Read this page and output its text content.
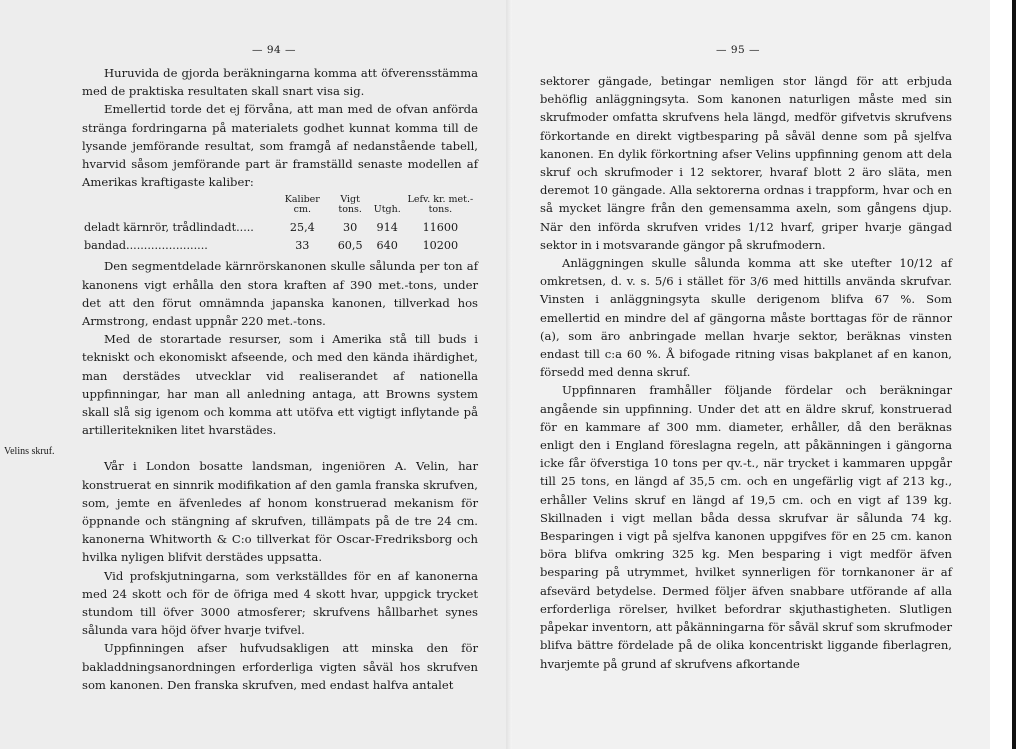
— 94 —

Huruvida de gjorda beräkningarna komma att öfverensstämma med de praktiska resultaten skall snart visa sig.

Emellertid torde det ej förvåna, att man med de ofvan anförda stränga fordringarna på materialets godhet kunnat komma till de lysande jemförande resultat, som framgå af nedanstående tabell, hvarvid såsom jemförande part är framställd senaste modellen af Amerikas kraftigaste kaliber:

	Kaliber cm.	Vigt tons.	Utgh.	Lefv. kr. met.-tons.
deladt kärnrör, trådlindadt.....	25,4	30	914	11600
bandad.......................	33	60,5	640	10200

Den segmentdelade kärnrörskanonen skulle sålunda per ton af kanonens vigt erhålla den stora kraften af 390 met.-tons, under det att den förut omnämnda japanska kanonen, tillverkad hos Armstrong, endast uppnår 220 met.-tons.

Med de storartade resurser, som i Amerika stå till buds i tekniskt och ekonomiskt afseende, och med den kända ihärdighet, man derstädes utvecklar vid realiserandet af nationella uppfinningar, har man all anledning antaga, att Browns system skall slå sig igenom och komma att utöfva ett vigtigt inflytande på artilleritekniken litet hvarstädes.

Vår i London bosatte landsman, ingeniören A. Velin, har konstruerat en sinnrik modifikation af den gamla franska skrufven, som, jemte en äfvenledes af honom konstruerad mekanism för öppnande och stängning af skrufven, tillämpats på de tre 24 cm. kanonerna Whitworth & C:o tillverkat för Oscar-Fredriksborg och hvilka nyligen blifvit derstädes uppsatta.

Vid profskjutningarna, som verkställdes för en af kanonerna med 24 skott och för de öfriga med 4 skott hvar, uppgick trycket stundom till öfver 3000 atmosferer; skrufvens hållbarhet synes sålunda vara höjd öfver hvarje tvifvel.

Uppfinningen afser hufvudsakligen att minska den för bakladdningsanordningen erforderliga vigten såväl hos skrufven som kanonen. Den franska skrufven, med endast halfva antalet

Velins skruf.
— 95 —

sektorer gängade, betingar nemligen stor längd för att erbjuda behöflig anläggningsyta. Som kanonen naturligen måste med sin skrufmoder omfatta skrufvens hela längd, medför gifvetvis skrufvens förkortande en direkt vigtbesparing på såväl denne som på sjelfva kanonen. En dylik förkortning afser Velins uppfinning genom att dela skruf och skrufmoder i 12 sektorer, hvaraf blott 2 äro släta, men deremot 10 gängade. Alla sektorerna ordnas i trappform, hvar och en så mycket längre från den gemensamma axeln, som gångens djup. När den införda skrufven vrides 1/12 hvarf, griper hvarje gängad sektor in i motsvarande gängor på skrufmodern.

Anläggningen skulle sålunda komma att ske utefter 10/12 af omkretsen, d. v. s. 5/6 i stället för 3/6 med hittills använda skrufvar. Vinsten i anläggningsyta skulle derigenom blifva 67 %. Som emellertid en mindre del af gängorna måste borttagas för de rännor (a), som äro anbringade mellan hvarje sektor, beräknas vinsten endast till c:a 60 %. Å bifogade ritning visas bakplanet af en kanon, försedd med denna skruf.

Uppfinnaren framhåller följande fördelar och beräkningar angående sin uppfinning. Under det att en äldre skruf, konstruerad för en kammare af 300 mm. diameter, erhåller, då den beräknas enligt den i England föreslagna regeln, att påkänningen i gängorna icke får öfverstiga 10 tons per qv.-t., när trycket i kammaren uppgår till 25 tons, en längd af 35,5 cm. och en ungefärlig vigt af 213 kg., erhåller Velins skruf en längd af 19,5 cm. och en vigt af 139 kg. Skillnaden i vigt mellan båda dessa skrufvar är sålunda 74 kg. Besparingen i vigt på sjelfva kanonen uppgifves för en 25 cm. kanon böra blifva omkring 325 kg. Men besparing i vigt medför äfven besparing på utrymmet, hvilket synnerligen för tornkanoner är af afsevärd betydelse. Dermed följer äfven snabbare utförande af alla erforderliga rörelser, hvilket befordrar skjuthastigheten. Slutligen påpekar inventorn, att påkänningarna för såväl skruf som skrufmoder blifva bättre fördelade på de olika koncentriskt liggande fiberlagren, hvarjemte på grund af skrufvens afkortande
